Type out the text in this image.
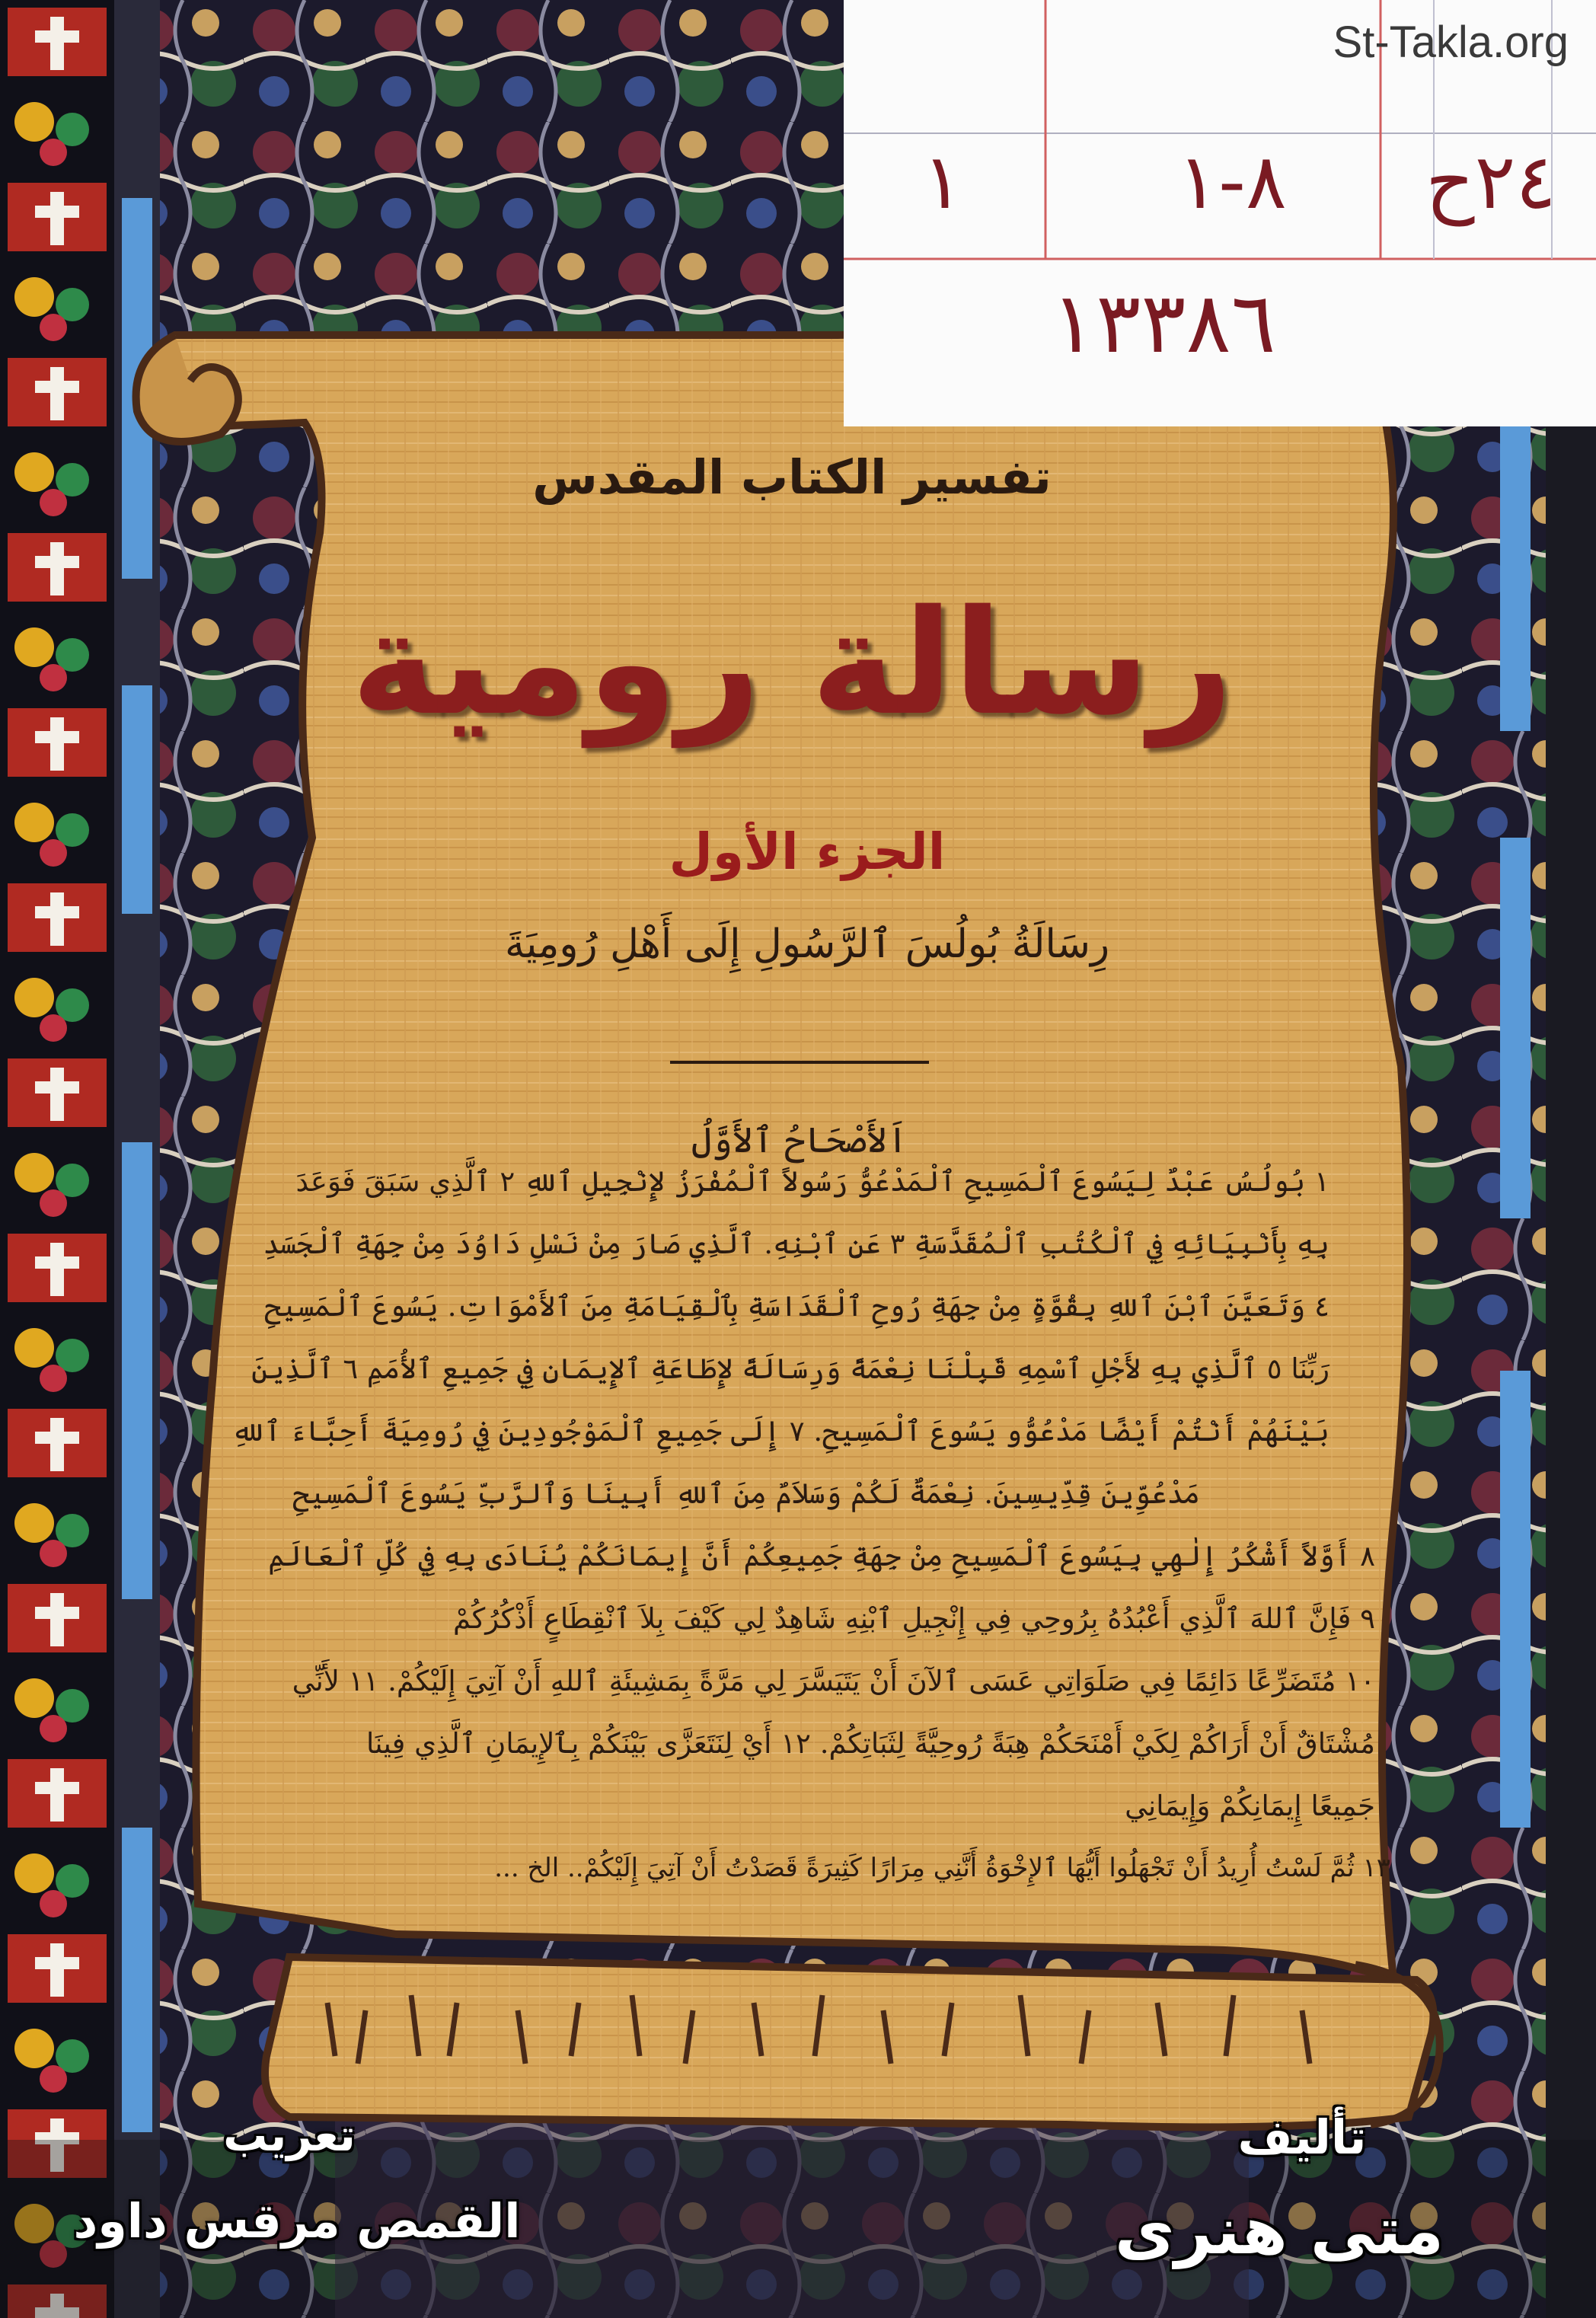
٢٤ح
٨-١
١
١٣٣٨٦
St-Takla.org
تفسير الكتاب المقدس
رسالة رومية
الجزء الأول
رِسَالَةُ بُولُسَ ٱلرَّسُولِ إِلَى أَهْلِ رُومِيَةَ
اَلأَصْحَاحُ ٱلأَوَّلُ
١ بُولُسُ عَبْدٌ لِيَسُوعَ ٱلْمَسِيحِ ٱلْمَدْعُوُّ رَسُولاً ٱلْمُفْرَزُ لإِنْجِيلِ ٱللهِ ٢ ٱلَّذِي سَبَقَ فَوَعَدَ
بِهِ بِأَنْبِيَائِهِ فِي ٱلْكُتُبِ ٱلْمُقَدَّسَةِ ٣ عَنِ ٱبْنِهِ. ٱلَّذِي صَارَ مِنْ نَسْلِ دَاوُدَ مِنْ جِهَةِ ٱلْجَسَدِ
٤ وَتَعَيَّنَ ٱبْنَ ٱللهِ بِقُوَّةٍ مِنْ جِهَةِ رُوحِ ٱلْقَدَاسَةِ بِٱلْقِيَامَةِ مِنَ ٱلأَمْوَاتِ. يَسُوعَ ٱلْمَسِيحِ
رَبِّنَا ٥ ٱلَّذِي بِهِ لأَجْلِ ٱسْمِهِ قَبِلْنَا نِعْمَةً وَرِسَالَةً لإِطَاعَةِ ٱلإِيمَانِ فِي جَمِيعِ ٱلأُمَمِ ٦ ٱلَّذِينَ
بَيْنَهُمْ أَنْتُمْ أَيْضًا مَدْعُوُّو يَسُوعَ ٱلْمَسِيحِ. ٧ إِلَى جَمِيعِ ٱلْمَوْجُودِينَ فِي رُومِيَةَ أَحِبَّاءَ ٱللهِ
مَدْعُوِّينَ قِدِّيسِينَ. نِعْمَةٌ لَكُمْ وَسَلاَمٌ مِنَ ٱللهِ أَبِينَا وَٱلرَّبِّ يَسُوعَ ٱلْمَسِيحِ
٨ أَوَّلاً أَشْكُرُ إِلٰهِي بِيَسُوعَ ٱلْمَسِيحِ مِنْ جِهَةِ جَمِيعِكُمْ أَنَّ إِيمَانَكُمْ يُنَادَى بِهِ فِي كُلِّ ٱلْعَالَمِ
٩ فَإِنَّ ٱللهَ ٱلَّذِي أَعْبُدُهُ بِرُوحِي فِي إِنْجِيلِ ٱبْنِهِ شَاهِدٌ لِي كَيْفَ بِلاَ ٱنْقِطَاعٍ أَذْكُرُكُمْ
١٠ مُتَضَرِّعًا دَائِمًا فِي صَلَوَاتِي عَسَى ٱلآنَ أَنْ يَتَيَسَّرَ لِي مَرَّةً بِمَشِيئَةِ ٱللهِ أَنْ آتِيَ إِلَيْكُمْ. ١١ لأَنِّي
مُشْتَاقٌ أَنْ أَرَاكُمْ لِكَيْ أَمْنَحَكُمْ هِبَةً رُوحِيَّةً لِثَبَاتِكُمْ. ١٢ أَيْ لِنَتَعَزَّى بَيْنَكُمْ بِٱلإِيمَانِ ٱلَّذِي فِينَا
جَمِيعًا إِيمَانِكُمْ وَإِيمَانِي
١٣ ثُمَّ لَسْتُ أُرِيدُ أَنْ تَجْهَلُوا أَيُّهَا ٱلإِخْوَةُ أَنَّنِي مِرَارًا كَثِيرَةً قَصَدْتُ أَنْ آتِيَ إِلَيْكُمْ.. الخ ...
تعريب
القمص مرقس داود
تأليف
متى هنرى
